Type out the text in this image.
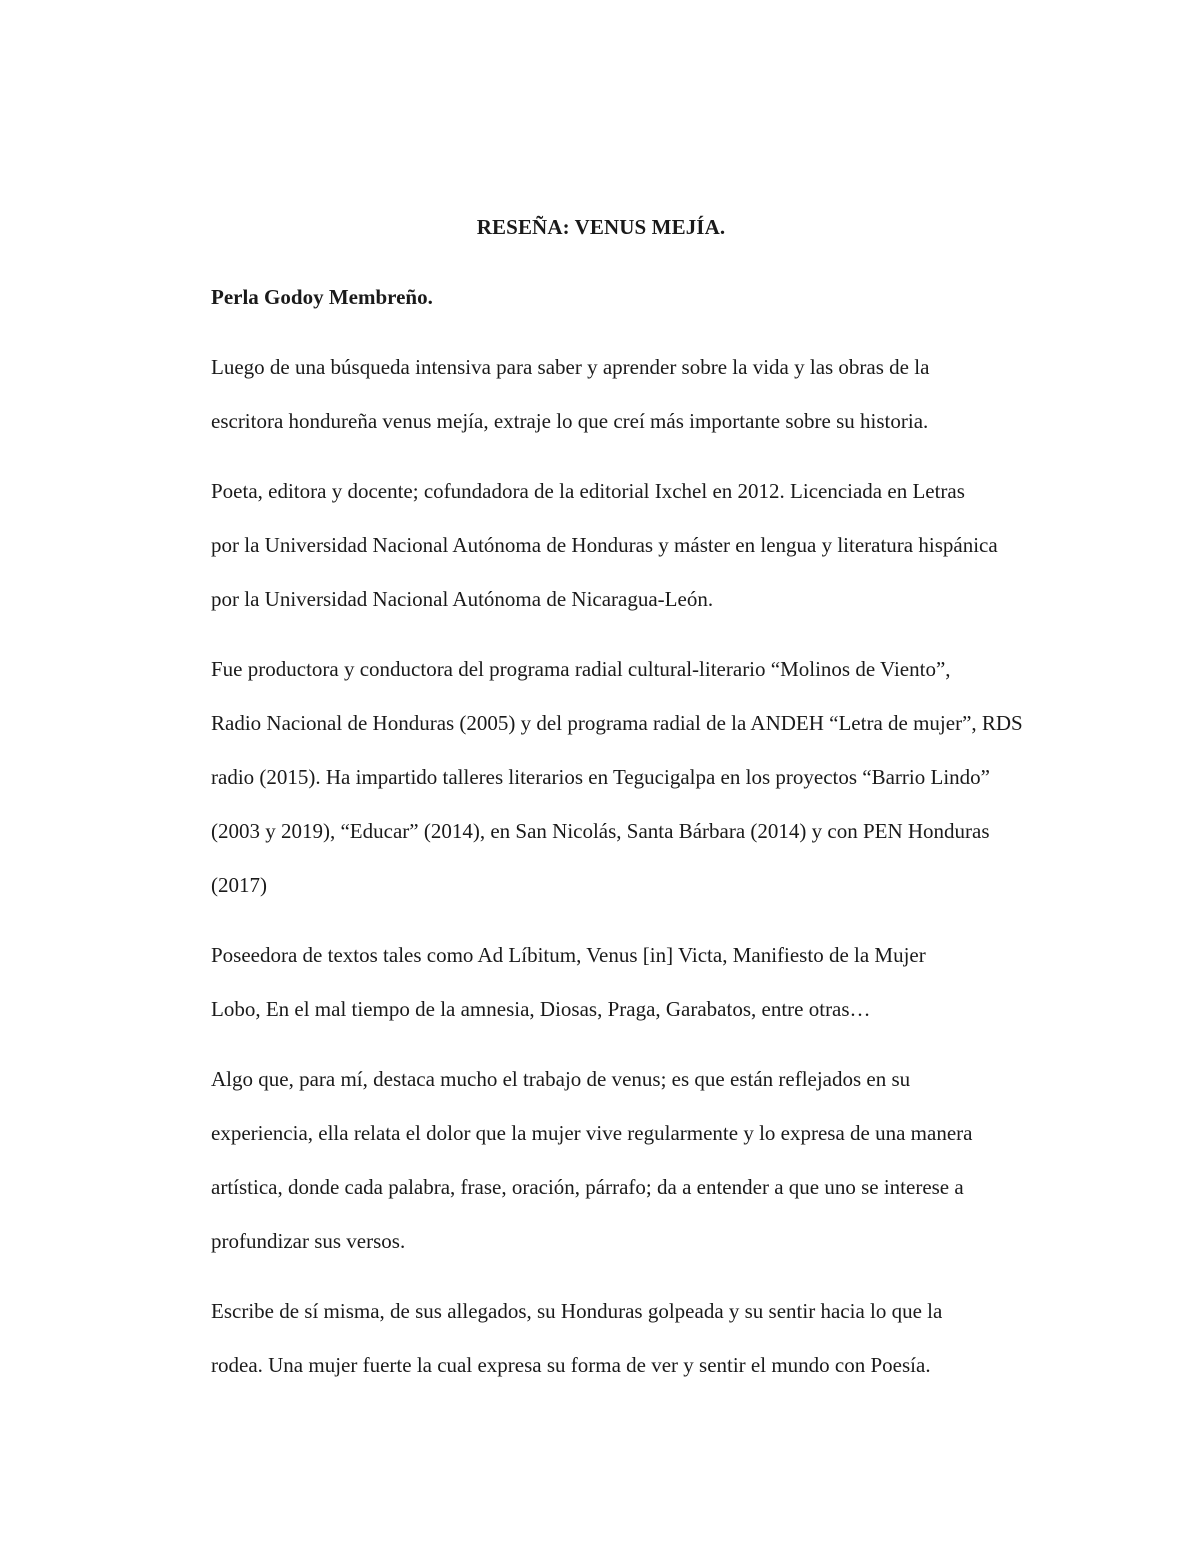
RESEÑA: VENUS MEJÍA.

Perla Godoy Membreño.

Luego de una búsqueda intensiva para saber y aprender sobre la vida y las obras de la
escritora hondureña venus mejía, extraje lo que creí más importante sobre su historia.

Poeta, editora y docente; cofundadora de la editorial Ixchel en 2012. Licenciada en Letras
por la Universidad Nacional Autónoma de Honduras y máster en lengua y literatura hispánica
por la Universidad Nacional Autónoma de Nicaragua-León.

Fue productora y conductora del programa radial cultural-literario “Molinos de Viento”,
Radio Nacional de Honduras (2005) y del programa radial de la ANDEH “Letra de mujer”, RDS
radio (2015). Ha impartido talleres literarios en Tegucigalpa en los proyectos “Barrio Lindo”
(2003 y 2019), “Educar” (2014), en San Nicolás, Santa Bárbara (2014) y con PEN Honduras
(2017)

Poseedora de textos tales como Ad Líbitum, Venus [in] Victa, Manifiesto de la Mujer
Lobo, En el mal tiempo de la amnesia, Diosas, Praga, Garabatos, entre otras…

Algo que, para mí, destaca mucho el trabajo de venus; es que están reflejados en su
experiencia, ella relata el dolor que la mujer vive regularmente y lo expresa de una manera
artística, donde cada palabra, frase, oración, párrafo; da a entender a que uno se interese a
profundizar sus versos.

Escribe de sí misma, de sus allegados, su Honduras golpeada y su sentir hacia lo que la
rodea. Una mujer fuerte la cual expresa su forma de ver y sentir el mundo con Poesía.
